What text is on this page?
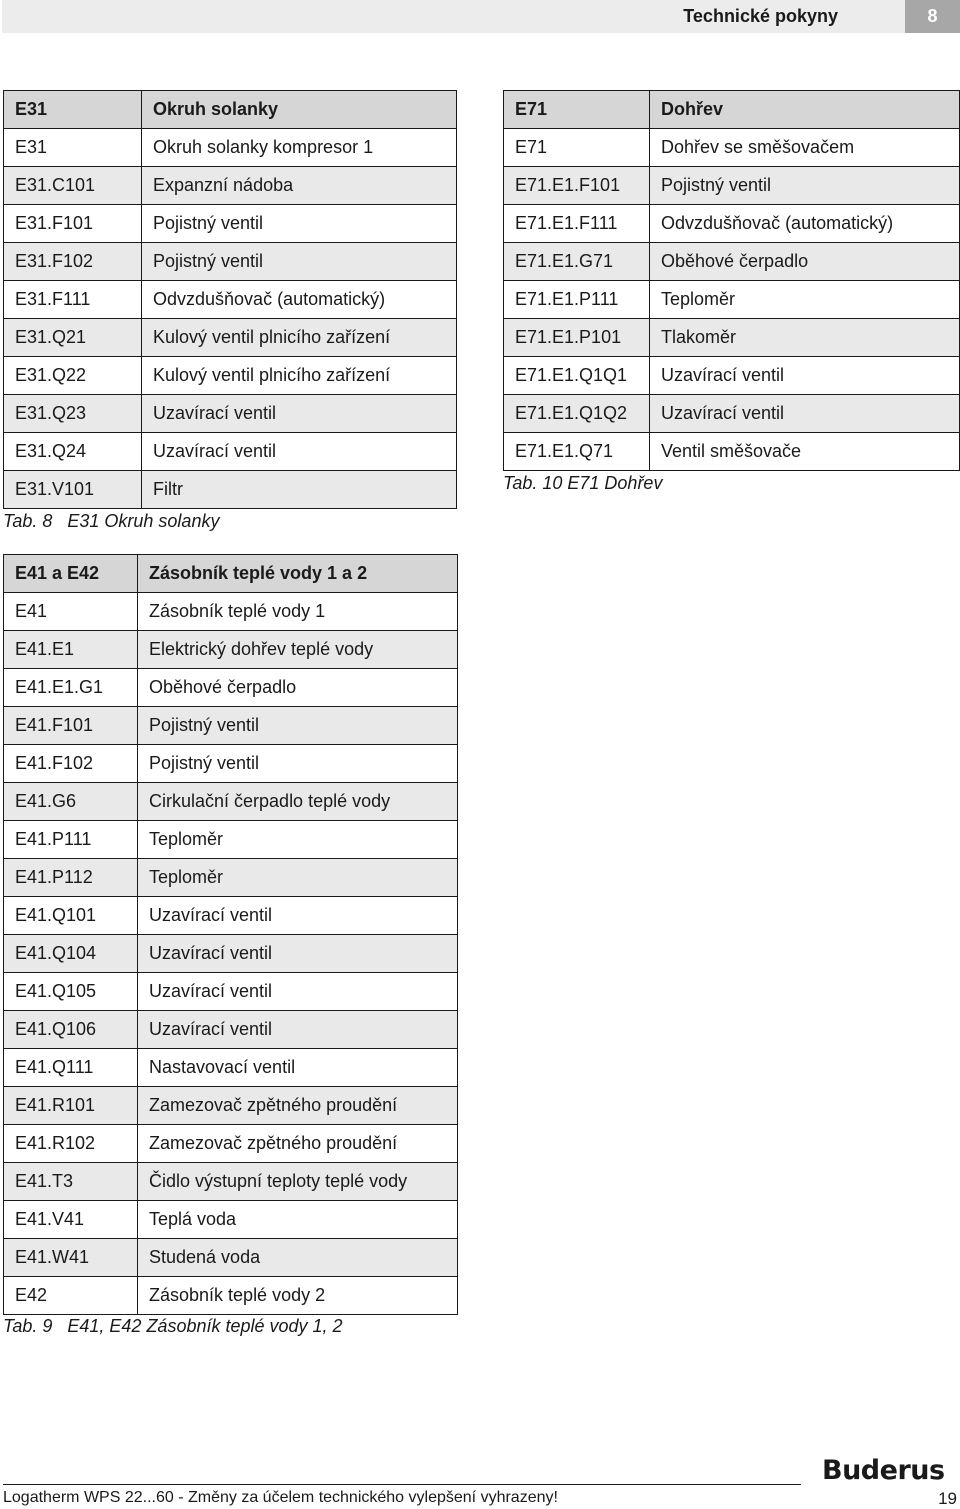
Technické pokyny	8
E31	Okruh solanky
E31	Okruh solanky kompresor 1
E31.C101	Expanzní nádoba
E31.F101	Pojistný ventil
E31.F102	Pojistný ventil
E31.F111	Odvzdušňovač (automatický)
E31.Q21	Kulový ventil plnicího zařízení
E31.Q22	Kulový ventil plnicího zařízení
E31.Q23	Uzavírací ventil
E31.Q24	Uzavírací ventil
E31.V101	Filtr
Tab. 8   E31 Okruh solanky
E71	Dohřev
E71	Dohřev se směšovačem
E71.E1.F101	Pojistný ventil
E71.E1.F111	Odvzdušňovač (automatický)
E71.E1.G71	Oběhové čerpadlo
E71.E1.P111	Teploměr
E71.E1.P101	Tlakoměr
E71.E1.Q1Q1	Uzavírací ventil
E71.E1.Q1Q2	Uzavírací ventil
E71.E1.Q71	Ventil směšovače
Tab. 10 E71 Dohřev
E41 a E42	Zásobník teplé vody 1 a 2
E41	Zásobník teplé vody 1
E41.E1	Elektrický dohřev teplé vody
E41.E1.G1	Oběhové čerpadlo
E41.F101	Pojistný ventil
E41.F102	Pojistný ventil
E41.G6	Cirkulační čerpadlo teplé vody
E41.P111	Teploměr
E41.P112	Teploměr
E41.Q101	Uzavírací ventil
E41.Q104	Uzavírací ventil
E41.Q105	Uzavírací ventil
E41.Q106	Uzavírací ventil
E41.Q111	Nastavovací ventil
E41.R101	Zamezovač zpětného proudění
E41.R102	Zamezovač zpětného proudění
E41.T3	Čidlo výstupní teploty teplé vody
E41.V41	Teplá voda
E41.W41	Studená voda
E42	Zásobník teplé vody 2
Tab. 9   E41, E42 Zásobník teplé vody 1, 2
Buderus
Logatherm WPS 22...60 - Změny za účelem technického vylepšení vyhrazeny!	19
